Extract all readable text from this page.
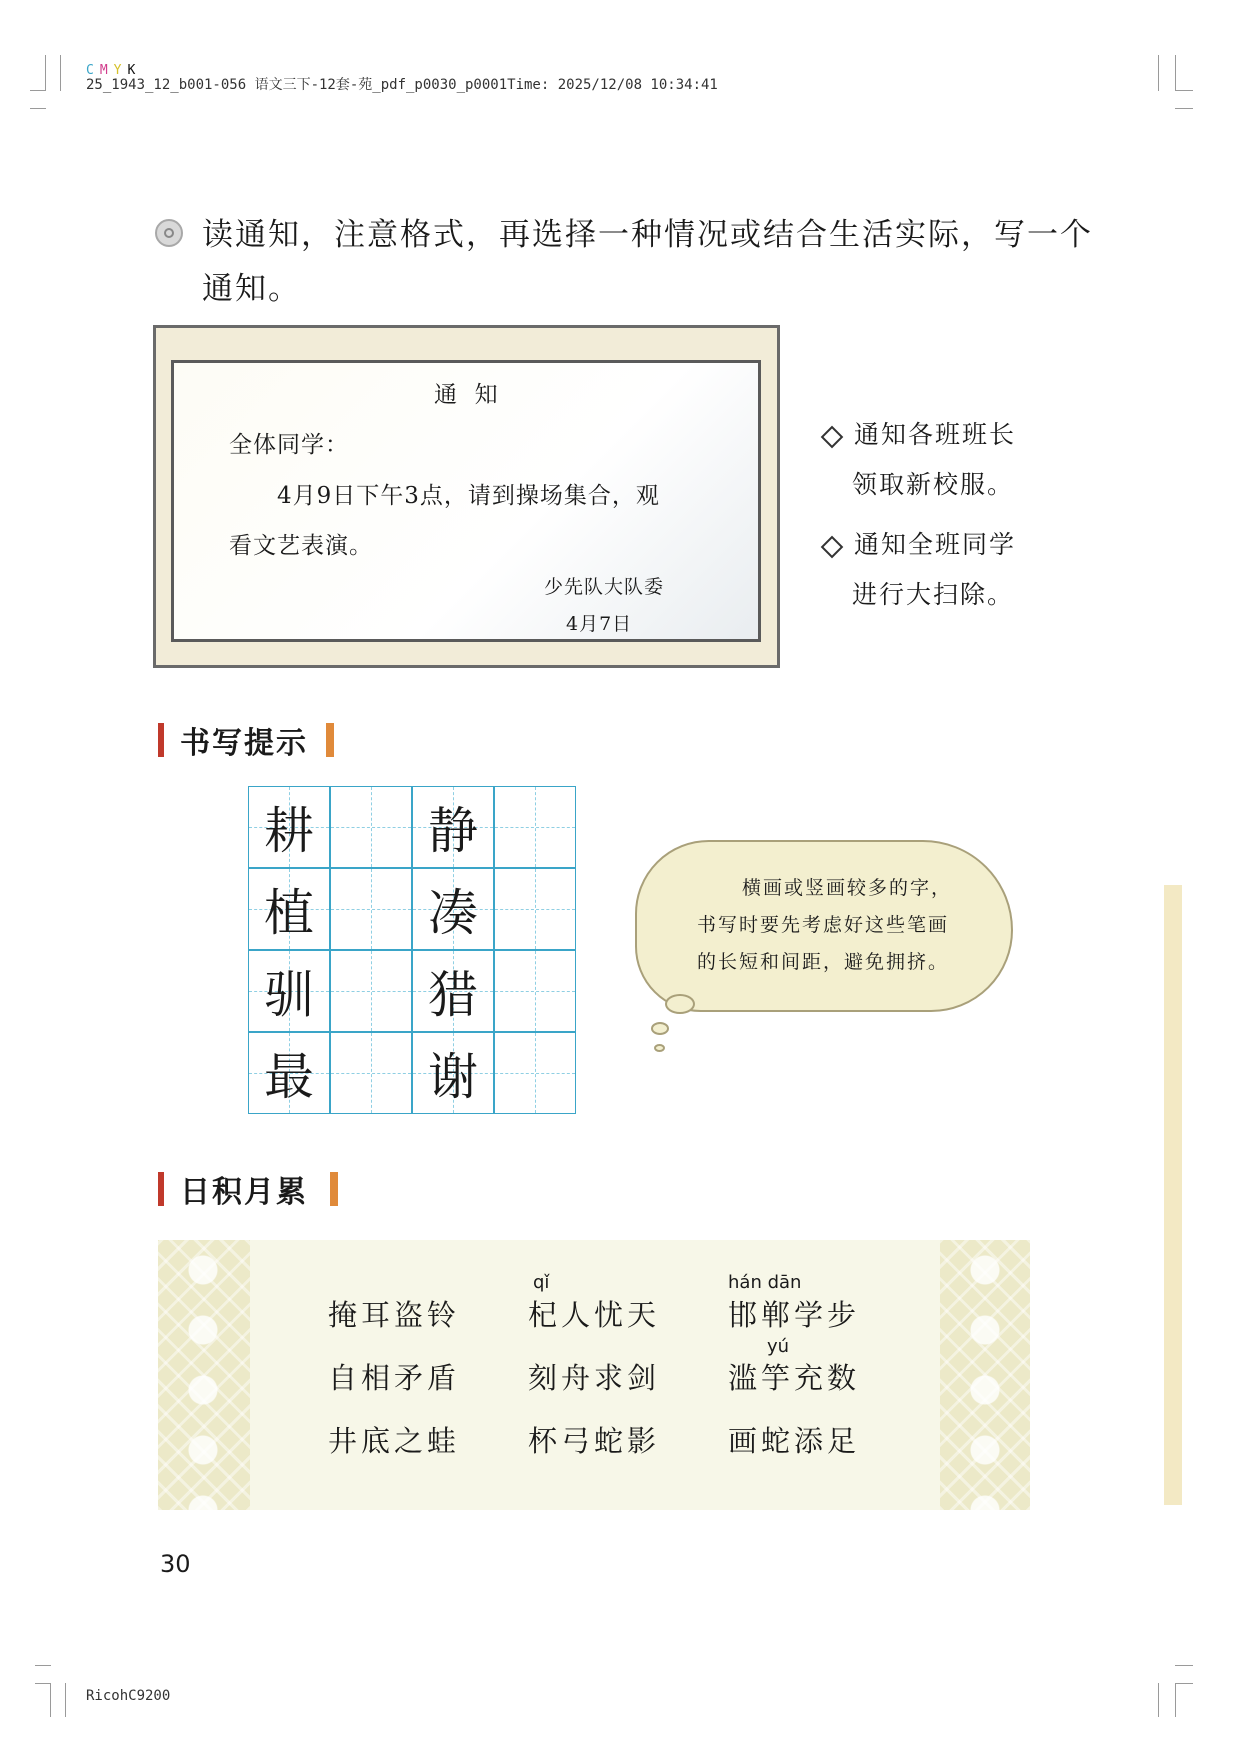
C M Y K
25_1943_12_b001-056 语文三下-12套-苑_pdf_p0030_p0001Time: 2025/12/08 10:34:41
读通知，注意格式，再选择一种情况或结合生活实际，写一个
通知。
通  知
全体同学：
4月9日下午3点，请到操场集合，观
看文艺表演。
少先队大队委
4月7日
通知各班班长
领取新校服。
通知全班同学
进行大扫除。
书写提示
耕	静
植	凑
驯	猎
最	谢
横画或竖画较多的字，
书写时要先考虑好这些笔画
的长短和间距，避免拥挤。
日积月累
qǐ	hán dān
yú
掩耳盗铃 杞人忧天 邯郸学步
自相矛盾 刻舟求剑 滥竽充数
井底之蛙 杯弓蛇影 画蛇添足
30
RicohC9200
